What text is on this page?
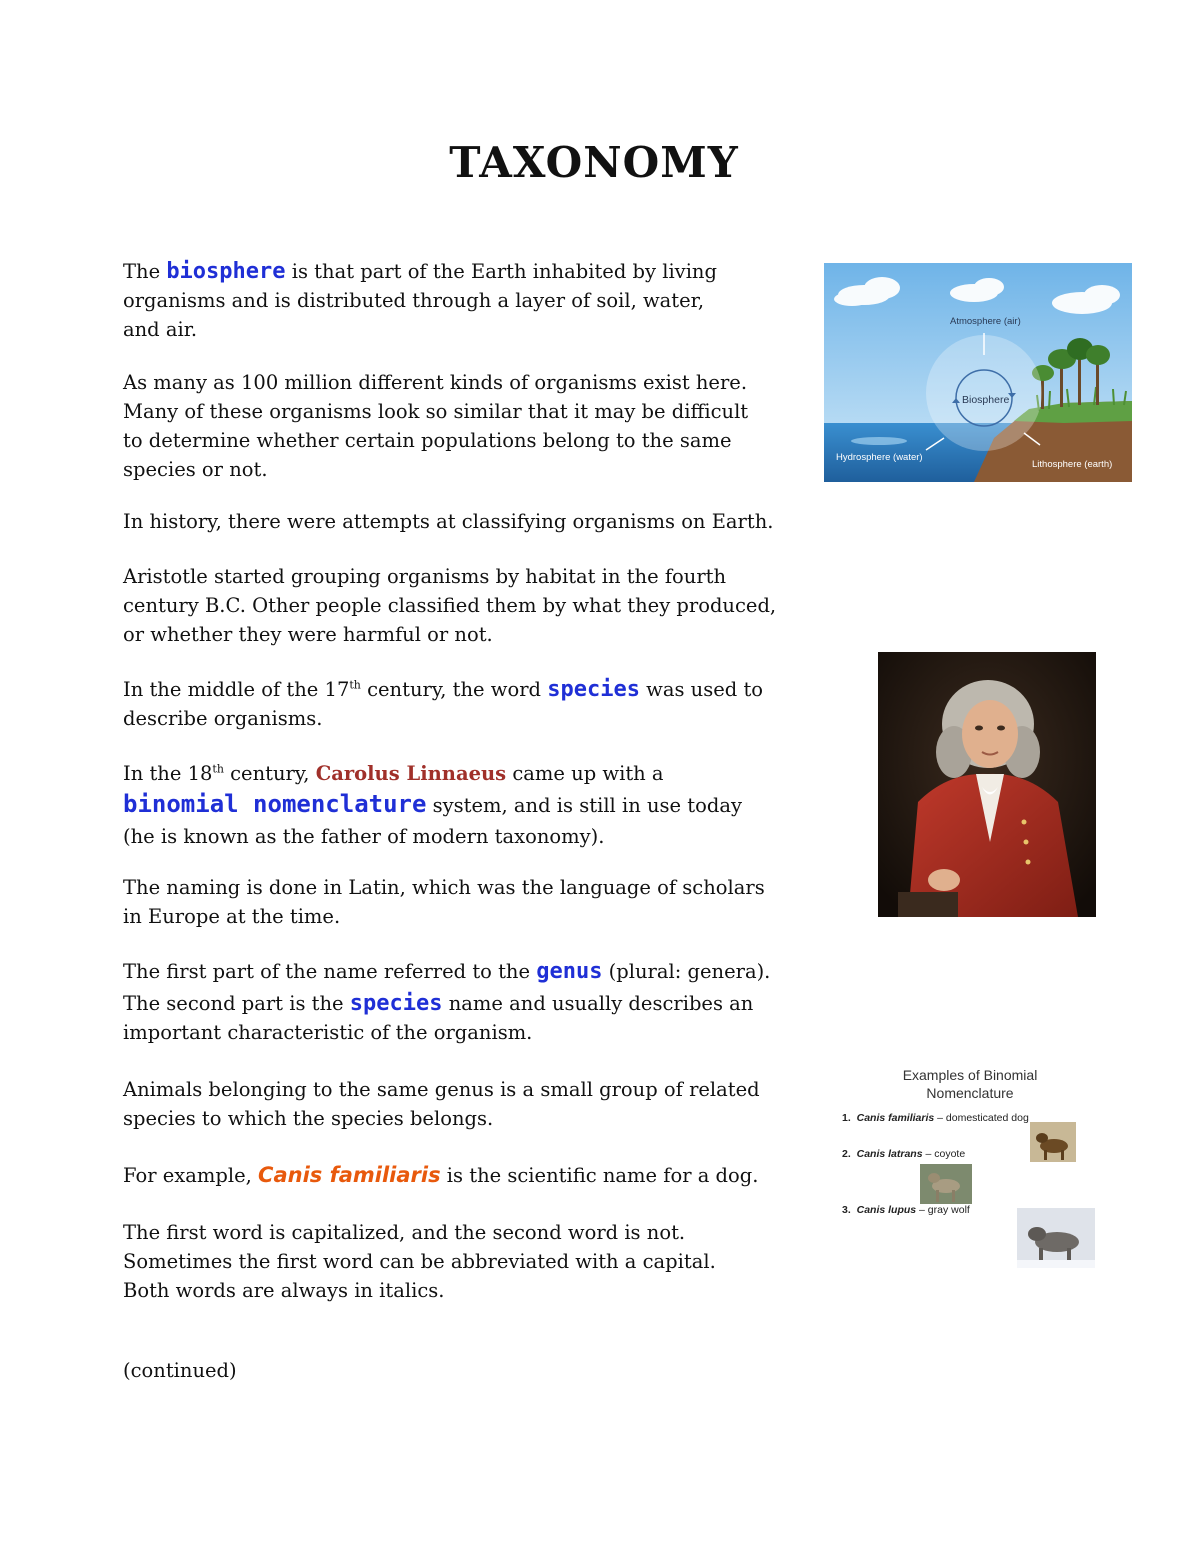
TAXONOMY

The biosphere is that part of the Earth inhabited by living

organisms and is distributed through a layer of soil, water,

and air.

As many as 100 million different kinds of organisms exist here.

Many of these organisms look so similar that it may be difficult

to determine whether certain populations belong to the same

species or not.

In history, there were attempts at classifying organisms on Earth.

Aristotle started grouping organisms by habitat in the fourth

century B.C. Other people classified them by what they produced,

or whether they were harmful or not.

In the middle of the 17th century, the word species was used to

describe organisms.

In the 18th century, Carolus Linnaeus came up with a

binomial nomenclature system, and is still in use today

(he is known as the father of modern taxonomy).

The naming is done in Latin, which was the language of scholars

in Europe at the time.

The first part of the name referred to the genus (plural: genera).

The second part is the species name and usually describes an

important characteristic of the organism.

Animals belonging to the same genus is a small group of related

species to which the species belongs.

For example, Canis familiaris is the scientific name for a dog.

The first word is capitalized, and the second word is not.

Sometimes the first word can be abbreviated with a capital.

Both words are always in italics.

(continued)

Atmosphere (air)
Biosphere
Hydrosphere (water)
Lithosphere (earth)
Examples of Binomial
Nomenclature
1. Canis familiaris – domesticated dog
2. Canis latrans – coyote
3. Canis lupus – gray wolf
